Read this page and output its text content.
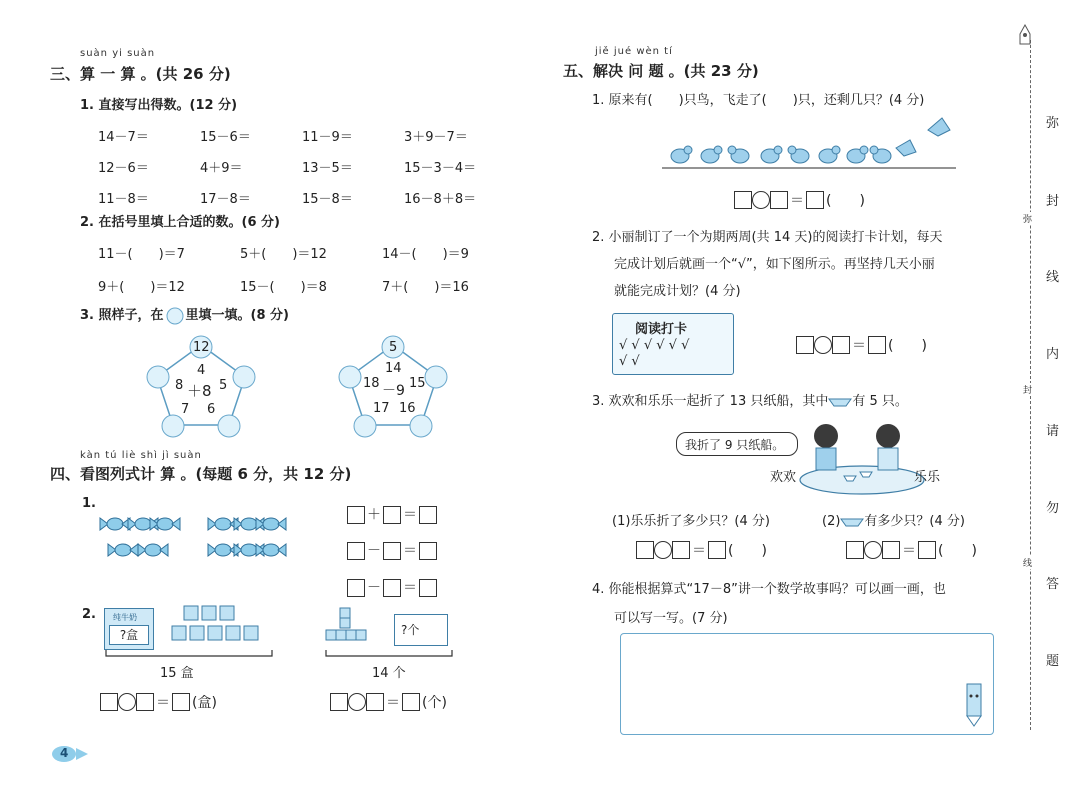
suàn yi suàn
三、算 一 算 。(共 26 分)
1. 直接写出得数。(12 分)
14－7＝	15－6＝	11－9＝	3＋9－7＝
12－6＝	4＋9＝	13－5＝	15－3－4＝
11－8＝	17－8＝	15－8＝	16－8＋8＝
2. 在括号里填上合适的数。(6 分)
11－(　　)＝7	5＋(　　)＝12	14－(　　)＝9
9＋(　　)＝12	15－(　　)＝8	7＋(　　)＝16
3. 照样子，在 里填一填。(8 分)
12
4
8 ＋8 5
7 6
5
14
18 －9 15
17 16
kàn tú liè shì jì suàn
四、看图列式计 算 。(每题 6 分，共 12 分)
1.
＋ ＝
－ ＝
－ ＝
2. 纯牛奶
?盒
15 盒
?个
14 个
＝ (盒)	＝ (个)
4
jiě jué wèn tí
五、解决 问 题 。(共 23 分)
1. 原来有(　　)只鸟，飞走了(　　)只，还剩几只？(4 分)
＝ (　　)
2. 小丽制订了一个为期两周(共 14 天)的阅读打卡计划，每天
完成计划后就画一个“√”，如下图所示。再坚持几天小丽
就能完成计划？(4 分)
阅读打卡
√ √ √ √ √ √
√ √
＝ (　　)
3. 欢欢和乐乐一起折了 13 只纸船，其中 有 5 只。
我折了 9 只纸船。
欢欢	乐乐
(1)乐乐折了多少只？(4 分)	(2) 有多少只？(4 分)
＝ (　　)	＝ (　　)
4. 你能根据算式“17－8”讲一个数学故事吗？可以画一画，也
可以写一写。(7 分)
弥
封
线
内
请
勿
答
题
弥
封
线
